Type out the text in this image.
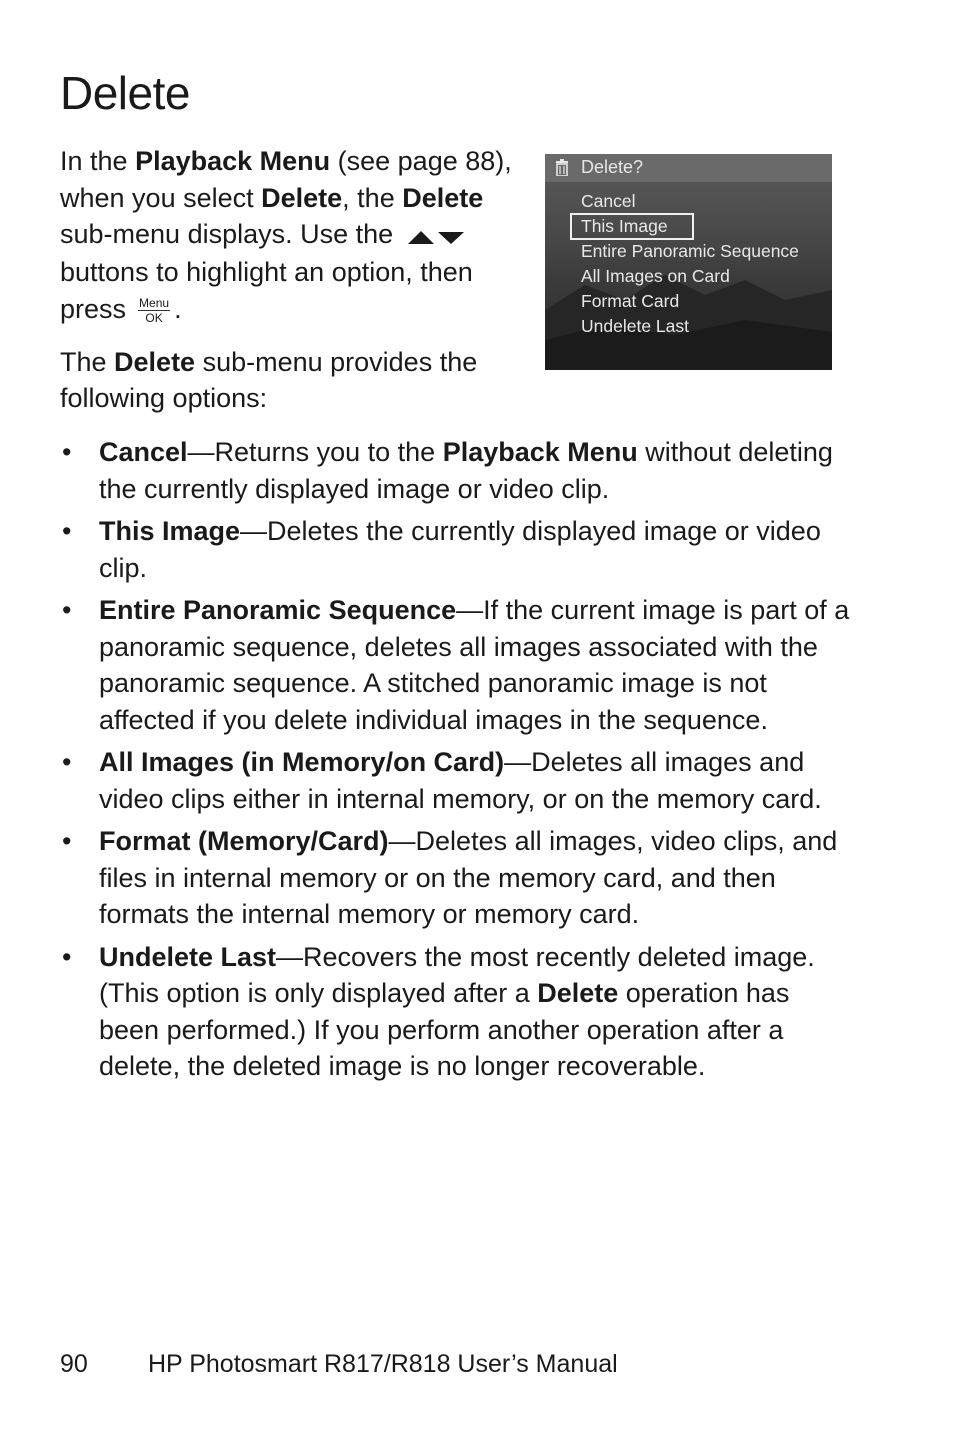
Delete

In the Playback Menu (see page 88), when you select Delete, the Delete sub-menu displays. Use thebuttons to highlight an option, then press Menu
OK .

The Delete sub-menu provides the following options:

Delete?
Cancel
This Image
Entire Panoramic Sequence
All Images on Card
Format Card
Undelete Last
• Cancel—Returns you to the Playback Menu without deleting the currently displayed image or video clip.
• This Image—Deletes the currently displayed image or video clip.
• Entire Panoramic Sequence—If the current image is part of a panoramic sequence, deletes all images associated with the panoramic sequence. A stitched panoramic image is not affected if you delete individual images in the sequence.
• All Images (in Memory/on Card)—Deletes all images and video clips either in internal memory, or on the memory card.
• Format (Memory/Card)—Deletes all images, video clips, and files in internal memory or on the memory card, and then formats the internal memory or memory card.
• Undelete Last—Recovers the most recently deleted image. (This option is only displayed after a Delete operation has been performed.) If you perform another operation after a delete, the deleted image is no longer recoverable.
90 HP Photosmart R817/R818 User’s Manual
